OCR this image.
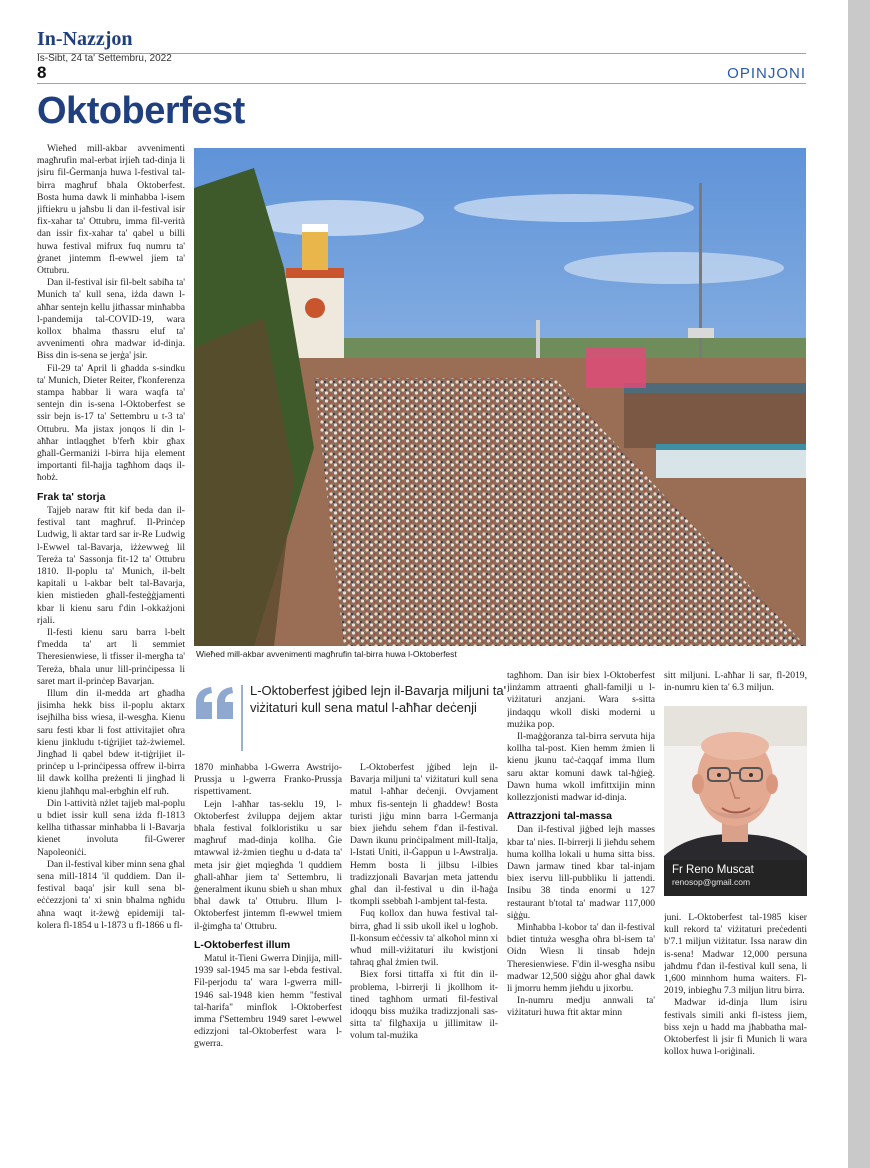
In-Nazzjon
Is-Sibt, 24 ta' Settembru, 2022
8	OPINJONI
Oktoberfest

Wieħed mill-akbar avvenimenti magħrufin mal-erbat irjieħ tad-dinja li jsiru fil-Ġermanja huwa l-festival tal-birra magħruf bħala Oktoberfest. Bosta huma dawk li minħabba l-isem jiftiekru u jaħsbu li dan il-festival isir fix-xahar ta' Ottubru, imma fil-verità dan issir fix-xahar ta' qabel u billi huwa festival mifrux fuq numru ta' ġranet jintemm fl-ewwel jiem ta' Ottubru.

Dan il-festival isir fil-belt sabiħa ta' Munich ta' kull sena, iżda dawn l-aħħar sentejn kellu jitħassar minħabba l-pandemija tal-COVID-19, wara kollox bħalma tħassru eluf ta' avvenimenti oħra madwar id-dinja. Biss din is-sena se jerġa' jsir.

Fil-29 ta' April li għadda s-sindku ta' Munich, Dieter Reiter, f'konferenza stampa ħabbar li wara waqfa ta' sentejn din is-sena l-Oktoberfest se ssir bejn is-17 ta' Settembru u t-3 ta' Ottubru. Ma jistax jonqos li din l-aħħar intlaqgħet b'ferħ kbir għax għall-Ġermaniżi l-birra hija element importanti fil-ħajja tagħhom daqs il-ħobż.

Frak ta' storja

Tajjeb naraw ftit kif beda dan il-festival tant magħruf. Il-Prinċep Ludwig, li aktar tard sar ir-Re Ludwig l-Ewwel tal-Bavarja, iżżewweġ lil Tereża ta' Sassonja fit-12 ta' Ottubru 1810. Il-poplu ta' Munich, il-belt kapitali u l-akbar belt tal-Bavarja, kien mistieden għall-festeġġjamenti kbar li kienu saru f'din l-okkażjoni rjali.

Il-festi kienu saru barra l-belt f'medda ta' art li semmiet Theresienwiese, li tfisser il-mergħa ta' Tereża, bħala unur lill-prinċipessa li saret mart il-prinċep Bavarjan.

Illum din il-medda art għadha jisimha hekk biss il-poplu aktarx isejħilha biss wiesa, il-wesgħa. Kienu saru festi kbar li fost attivitajiet oħra kienu jinkludu t-tiġrijiet taż-żwiemel. Jingħad li qabel bdew it-tiġrijiet il-prinċep u l-prinċipessa offrew il-birra lil dawk kollha preżenti li jingħad li kienu jlaħħqu mal-erbgħin elf ruħ.

Din l-attività nżlet tajjeb mal-poplu u bdiet issir kull sena iżda fl-1813 kellha titħassar minħabba li l-Bavarja kienet involuta fil-Gwerer Napoleoniċi.

Dan il-festival kiber minn sena għal sena mill-1814 'il quddiem. Dan il-festival baqa' jsir kull sena bl-eċċezzjoni ta' xi snin bħalma ngħidu aħna waqt it-żewġ epidemiji tal-kolera fl-1854 u l-1873 u fl-1866 u fl-

Wieħed mill-akbar avvenimenti magħrufin tal-birra huwa l-Oktoberfest
L-Oktoberfest jġibed lejn il-Bavarja miljuni ta' viżitaturi kull sena matul l-aħħar deċenji

1870 minħabba l-Gwerra Awstrijo-Prussja u l-gwerra Franko-Prussja rispettivament.

Lejn l-aħħar tas-seklu 19, l-Oktoberfest żviluppa dejjem aktar bħala festival folkloristiku u sar magħruf mad-dinja kollha. Ġie mtawwal iż-żmien tiegħu u d-data ta' meta jsir ġiet mqiegħda 'l quddiem għall-aħħar jiem ta' Settembru, li ġeneralment ikunu sbieħ u shan mhux bħal dawk ta' Ottubru. Illum l-Oktoberfest jintemm fl-ewwel tmiem il-ġimgħa ta' Ottubru.

L-Oktoberfest illum

Matul it-Tieni Gwerra Dinjija, mill-1939 sal-1945 ma sar l-ebda festival. Fil-perjodu ta' wara l-gwerra mill-1946 sal-1948 kien hemm "festival tal-ħarifa" minflok l-Oktoberfest imma f'Settembru 1949 saret l-ewwel edizzjoni tal-Oktoberfest wara l-gwerra.

L-Oktoberfest jġibed lejn il-Bavarja miljuni ta' viżitaturi kull sena matul l-aħħar deċenji. Ovvjament mhux fis-sentejn li għaddew! Bosta turisti jiġu minn barra l-Ġermanja biex jieħdu sehem f'dan il-festival. Dawn ikunu prinċipalment mill-Italja, l-Istati Uniti, il-Ġappun u l-Awstralja. Hemm bosta li jilbsu l-ilbies tradizzjonali Bavarjan meta jattendu għal dan il-festival u din il-ħaġa tkompli ssebbaħ l-ambjent tal-festa.

Fuq kollox dan huwa festival tal-birra, għad li ssib ukoll ikel u logħob. Il-konsum eċċessiv ta' alkoħol minn xi wħud mill-viżitaturi ilu kwistjoni taħraq għal żmien twil.

Biex forsi tittaffa xi ftit din il-problema, l-birrerji li jkollhom it-tined tagħhom urmati fil-festival idoqqu biss mużika tradizzjonali sas-sitta ta' filgħaxija u jillimitaw il-volum tal-mużika

tagħhom. Dan isir biex l-Oktoberfest jinżamm attraenti għall-familji u l-viżitaturi anzjani. Wara s-sitta jindaqqu wkoll diski moderni u mużika pop.

Il-maġġoranza tal-birra servuta hija kollha tal-post. Kien hemm żmien li kienu jkunu taċ-ċaqqaf imma llum saru aktar komuni dawk tal-ħġieġ. Dawn huma wkoll imfittxijin minn kollezzjonisti madwar id-dinja.

Attrazzjoni tal-massa

Dan il-festival jiġbed lejh masses kbar ta' nies. Il-birrerji li jieħdu sehem huma kollha lokali u huma sitta biss. Dawn jarmaw tined kbar tal-injam biex iservu lill-pubbliku li jattendi. Insibu 38 tinda enormi u 127 restaurant b'total ta' madwar 117,000 siġġu.

Minħabba l-kobor ta' dan il-festival bdiet tintuża wesgħa oħra bl-isem ta' Oidn Wiesn li tinsab ħdejn Theresienwiese. F'din il-wesgħa nsibu madwar 12,500 siġġu aħor għal dawk li jmorru hemm jieħdu u jixorbu.

In-numru medju annwali ta' viżitaturi huwa ftit aktar minn

sitt miljuni. L-aħħar li sar, fl-2019, in-numru kien ta' 6.3 miljun.

Fr Reno Muscat
renosop@gmail.com

juni. L-Oktoberfest tal-1985 kiser kull rekord ta' viżitaturi preċedenti b'7.1 miljun viżitatur. Issa naraw din is-sena! Madwar 12,000 persuna jaħdmu f'dan il-festival kull sena, li 1,600 minnhom huma waiters. Fl-2019, inbiegħu 7.3 miljun litru birra.

Madwar id-dinja llum isiru festivals simili anki fl-istess jiem, biss xejn u ħadd ma jħabbatha mal-Oktoberfest li jsir fi Munich li wara kollox huwa l-oriġinali.
